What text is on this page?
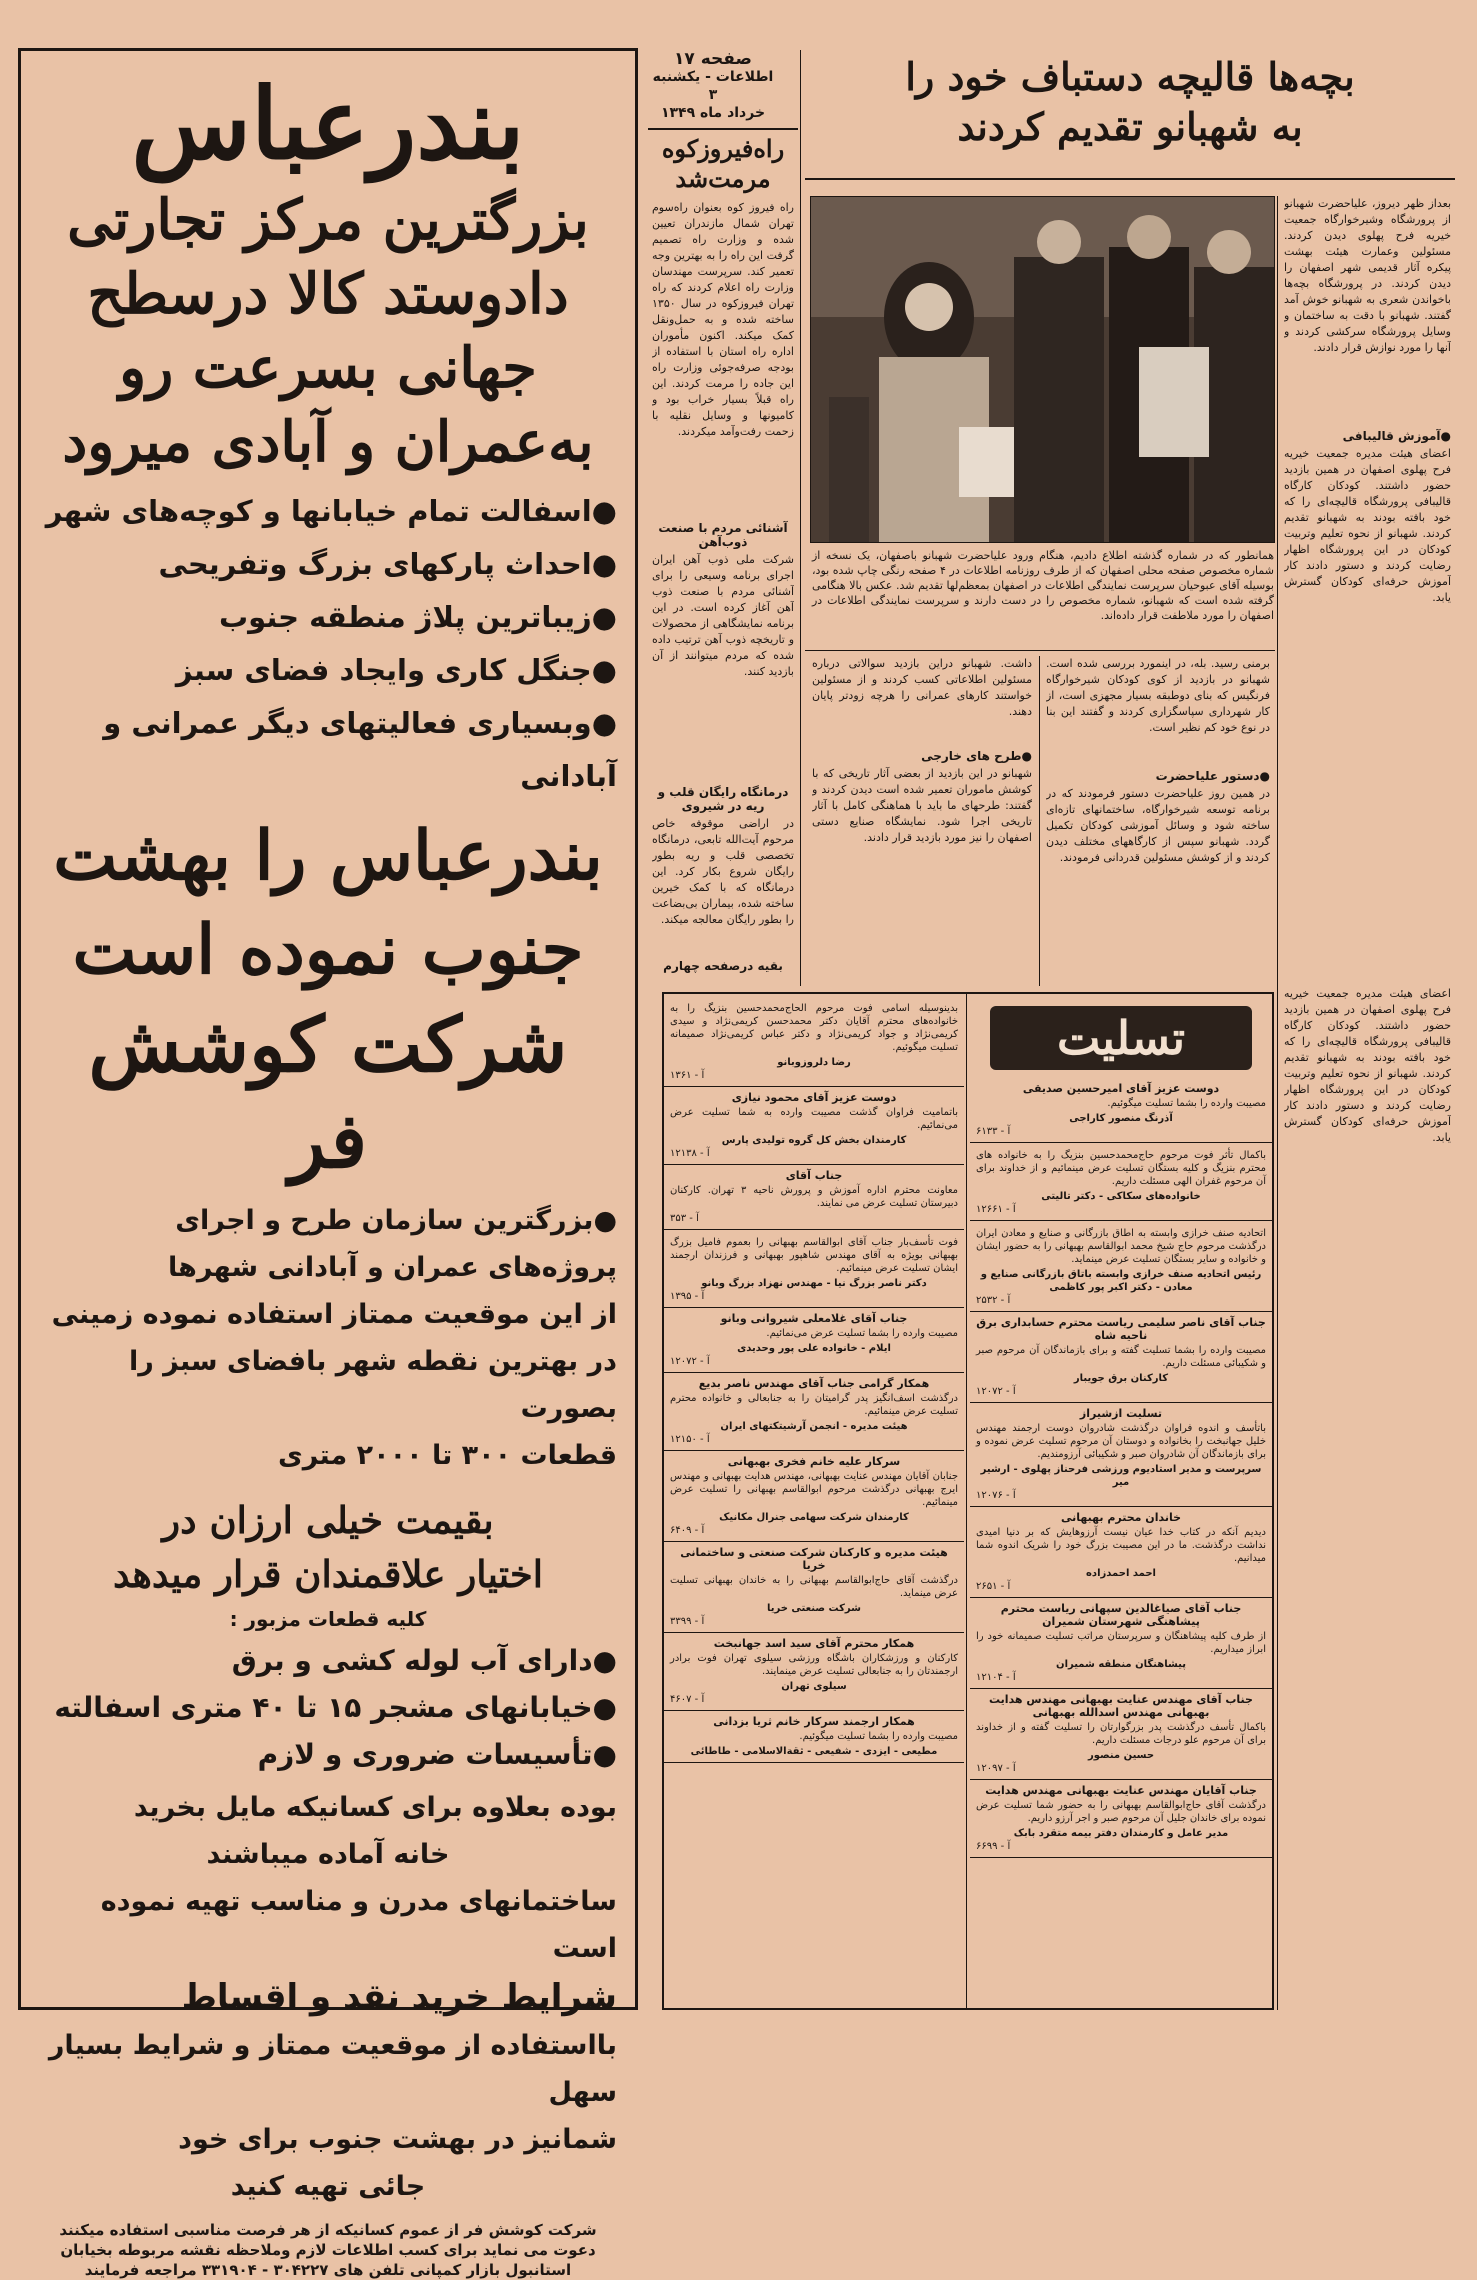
بندرعباس

بزرگترین مرکز تجارتی

دادوستد کالا درسطح

جهانی بسرعت رو

به‌عمران و آبادی میرود

●اسفالت تمام خیابانها و کوچه‌های شهر
●احداث پارکهای بزرگ وتفریحی
●زیباترین پلاژ منطقه جنوب
●جنگل کاری وایجاد فضای سبز
●وبسیاری فعالیتهای دیگر عمرانی و آبادانی

بندرعباس را بهشت

جنوب نموده است

شرکت کوشش فر

●بزرگترین سازمان طرح و اجرای

پروژه‌های عمران و آبادانی شهرها

از این موقعیت ممتاز استفاده نموده زمینی

در بهترین نقطه شهر بافضای سبز را بصورت

قطعات ۳۰۰ تا ۲۰۰۰ متری

بقیمت خیلی ارزان در
اختیار علاقمندان قرار میدهد
کلیه قطعات مزبور :
●دارای آب لوله کشی و برق
●خیابانهای مشجر ۱۵ تا ۴۰ متری اسفالته
●تأسیسات ضروری و لازم

بوده بعلاوه برای کسانیکه مایل بخرید

خانه آماده میباشند

ساختمانهای مدرن و مناسب تهیه نموده است

شرایط خرید نقد و اقساط

بااستفاده از موقعیت ممتاز و شرایط بسیار سهل

شمانیز در بهشت جنوب برای خود

جائی تهیه کنید

شرکت کوشش فر از عموم کسانیکه از هر فرصت مناسبی استفاده میکنند دعوت می نماید برای کسب اطلاعات لازم وملاحظه نقشه مربوطه بخیابان استانبول بازار کمپانی تلفن های ۳۰۴۲۲۷ - ۳۳۱۹۰۴ مراجعه فرمایند
صفحه ۱۷
اطلاعات - یکشنبه ۳
خرداد ماه ۱۳۴۹
راه‌فیروزکوه مرمت‌شد
راه فیروز کوه بعنوان راه‌سوم تهران شمال مازندران تعیین شده و وزارت راه تصمیم گرفت این راه را به بهترین وجه تعمیر کند. سرپرست مهندسان وزارت راه اعلام کردند که راه تهران فیروزکوه در سال ۱۳۵۰ ساخته شده و به حمل‌ونقل کمک میکند. اکنون مأموران اداره راه استان با استفاده از بودجه صرفه‌جوئی وزارت راه این جاده را مرمت کردند. این راه قبلاً بسیار خراب بود و کامیونها و وسایل نقلیه با زحمت رفت‌وآمد میکردند.
آشنائی مردم با صنعت ذوب‌آهن
شرکت ملی ذوب آهن ایران اجرای برنامه وسیعی را برای آشنائی مردم با صنعت ذوب آهن آغاز کرده است. در این برنامه نمایشگاهی از محصولات و تاریخچه ذوب آهن ترتیب داده شده که مردم میتوانند از آن بازدید کنند.
درمانگاه رایگان قلب و ریه در شیروی
در اراضی موقوفه خاص مرحوم آیت‌الله تابعی، درمانگاه تخصصی قلب و ریه بطور رایگان شروع بکار کرد. این درمانگاه که با کمک خیرین ساخته شده، بیماران بی‌بضاعت را بطور رایگان معالجه میکند.
بقیه درصفحه چهارم
بچه‌ها قالیچه دستباف خود را
به شهبانو تقدیم کردند
همانطور که در شماره گذشته اطلاع دادیم، هنگام ورود علیاحضرت شهبانو باصفهان، یک نسخه از شماره مخصوص صفحه محلی اصفهان که از طرف روزنامه اطلاعات در ۴ صفحه رنگی چاپ شده بود، بوسیله آقای عبوحیان سرپرست نمایندگی اطلاعات در اصفهان بمعظم‌لها تقدیم شد. عکس بالا هنگامی گرفته شده است که شهبانو، شماره مخصوص را در دست دارند و سرپرست نمایندگی اطلاعات در اصفهان را مورد ملاطفت قرار داده‌اند.
بعداز ظهر دیروز، علیاحضرت شهبانو از پرورشگاه وشیرخوارگاه جمعیت خیریه فرح پهلوی دیدن کردند. مسئولین وعمارت هیئت بهشت پیکره آثار قدیمی شهر اصفهان را دیدن کردند. در پرورشگاه بچه‌ها باخواندن شعری به شهبانو خوش آمد گفتند. شهبانو با دقت به ساختمان و وسایل پرورشگاه سرکشی کردند و آنها را مورد نوازش قرار دادند.
●آموزش قالیبافی
اعضای هیئت مدیره جمعیت خیریه فرح پهلوی اصفهان در همین بازدید حضور داشتند. کودکان کارگاه قالیبافی پرورشگاه قالیچه‌ای را که خود بافته بودند به شهبانو تقدیم کردند. شهبانو از نحوه تعلیم وتربیت کودکان در این پرورشگاه اظهار رضایت کردند و دستور دادند کار آموزش حرفه‌ای کودکان گسترش یابد.
برمنی رسید. بله، در اینمورد بررسی شده است. شهبانو در بازدید از کوی کودکان شیرخوارگاه فرنگیس که بنای دوطبقه بسیار مجهزی است، از کار شهرداری سپاسگزاری کردند و گفتند این بنا در نوع خود کم نظیر است.
●دستور علیاحضرت
در همین روز علیاحضرت دستور فرمودند که در برنامه توسعه شیرخوارگاه، ساختمانهای تازه‌ای ساخته شود و وسائل آموزشی کودکان تکمیل گردد. شهبانو سپس از کارگاههای مختلف دیدن کردند و از کوشش مسئولین قدردانی فرمودند.
داشت. شهبانو دراین بازدید سوالاتی درباره مسئولین اطلاعاتی کسب کردند و از مسئولین خواستند کارهای عمرانی را هرچه زودتر پایان دهند.
●طرح های خارجی
شهبانو در این بازدید از بعضی آثار تاریخی که با کوشش ماموران تعمیر شده است دیدن کردند و گفتند: طرحهای ما باید با هماهنگی کامل با آثار تاریخی اجرا شود. نمایشگاه صنایع دستی اصفهان را نیز مورد بازدید قرار دادند.
تسلیت
دوست عزیز آقای امیرحسین صدیقی
مصیبت وارده را بشما تسلیت میگوئیم.
آذرنگ منصور کاراجی
آ - ۶۱۳۳
باکمال تأثر فوت مرحوم حاج‌محمدحسین بنزیگ را به خانواده های محترم بنزیگ و کلیه بستگان تسلیت عرض مینمائیم و از خداوند برای آن مرحوم غفران الهی مسئلت داریم.
خانواده‌های سکاکی - دکتر تالیتی
آ - ۱۲۶۶۱
اتحادیه صنف خرازی وابسته به اطاق بازرگانی و صنایع و معادن ایران درگذشت مرحوم حاج شیخ محمد ابوالقاسم بهبهانی را به حضور ایشان و خانواده و سایر بستگان تسلیت عرض مینماید.
رئیس اتحادیه صنف خرازی وابسته باتاق بازرگانی صنایع و معادن - دکتر اکبر پور کاظمی
آ - ۲۵۳۲
جناب آقای ناصر سلیمی ریاست محترم حسابداری برق ناحیه شاه
مصیبت وارده را بشما تسلیت گفته و برای بازماندگان آن مرحوم صبر و شکیبائی مسئلت داریم.
کارکنان برق جویبار
آ - ۱۲۰۷۲
تسلیت ازشیراز
باتأسف و اندوه فراوان درگذشت شادروان دوست ارجمند مهندس خلیل جهانبخت را بخانواده و دوستان آن مرحوم تسلیت عرض نموده و برای بازماندگان آن شادروان صبر و شکیبائی آرزومندیم.
سرپرست و مدیر استادیوم ورزشی فرحناز پهلوی - ارشیر میر
آ - ۱۲۰۷۶
خاندان محترم بهبهانی
دیدیم آنکه در کتاب خدا عیان نیست آرزوهایش که بر دنیا امیدی نداشت درگذشت. ما در این مصیبت بزرگ خود را شریک اندوه شما میدانیم.
احمد احمدزاده
آ - ۲۶۵۱
جناب آقای صیاغالدین سپهانی ریاست محترم پیشاهنگی شهرستان شمیران
از طرف کلیه پیشاهنگان و سرپرستان مراتب تسلیت صمیمانه خود را ابراز میداریم.
پیشاهنگان منطقه شمیران
آ - ۱۲۱۰۴
جناب آقای مهندس عنایت بهبهانی مهندس هدایت بهبهانی مهندس اسدالله بهبهانی
باکمال تأسف درگذشت پدر بزرگوارتان را تسلیت گفته و از خداوند برای آن مرحوم علو درجات مسئلت داریم.
حسین منصور
آ - ۱۲۰۹۷
جناب آقایان مهندس عنایت بهبهانی مهندس هدایت
درگذشت آقای حاج‌ابوالقاسم بهبهانی را به حضور شما تسلیت عرض نموده برای خاندان جلیل آن مرحوم صبر و اجر آرزو داریم.
مدیر عامل و کارمندان دفتر بیمه متقرد بابک
آ - ۶۶۹۹
بدینوسیله اسامی فوت مرحوم الحاج‌محمدحسین بنزیگ را به خانواده‌های محترم آقایان دکتر محمدحسن کریمی‌نژاد و سیدی کریمی‌نژاد و جواد کریمی‌نژاد و دکتر عباس کریمی‌نژاد صمیمانه تسلیت میگوئیم.
رضا دلروزوبانو
آ - ۱۳۶۱
دوست عزیز آقای محمود نیازی
باتمامیت فراوان گذشت مصیبت وارده به شما تسلیت عرض می‌نمائیم.
کارمندان بخش کل گروه تولیدی پارس
آ - ۱۲۱۳۸
جناب آقای
معاونت محترم اداره آموزش و پرورش ناحیه ۳ تهران. کارکنان دبیرستان تسلیت عرض می نمایند.
آ - ۳۵۳
فوت تأسف‌بار جناب آقای ابوالقاسم بهبهانی را بعموم فامیل بزرگ بهبهانی بویژه به آقای مهندس شاهپور بهبهانی و فرزندان ارجمند ایشان تسلیت عرض مینمائیم.
دکتر ناصر بزرگ نیا - مهندس نهزاد بزرگ وبانو
آ - ۱۳۹۵
جناب آقای غلامعلی شیروانی وبانو
مصیبت وارده را بشما تسلیت عرض می‌نمائیم.
ایلام - خانواده علی پور وحدیدی
آ - ۱۲۰۷۲
همکار گرامی جناب آقای مهندس ناصر بدیع
درگذشت اسف‌انگیز پدر گرامیتان را به جنابعالی و خانواده محترم تسلیت عرض مینمائیم.
هیئت مدیره - انجمن آرشیتکتهای ایران
آ - ۱۲۱۵۰
سرکار علیه خانم فخری بهبهانی
جنابان آقایان مهندس عنایت بهبهانی، مهندس هدایت بهبهانی و مهندس ایرج بهبهانی درگذشت مرحوم ابوالقاسم بهبهانی را تسلیت عرض مینمائیم.
کارمندان شرکت سهامی جنرال مکانیک
آ - ۶۴۰۹
هیئت مدیره و کارکنان شرکت صنعتی و ساختمانی خریا
درگذشت آقای حاج‌ابوالقاسم بهبهانی را به خاندان بهبهانی تسلیت عرض مینماید.
شرکت صنعتی خریا
آ - ۳۳۹۹
همکار محترم آقای سید اسد جهانبخت
کارکنان و ورزشکاران باشگاه ورزشی سیلوی تهران فوت برادر ارجمندتان را به جنابعالی تسلیت عرض مینمایند.
سیلوی تهران
آ - ۴۶۰۷
همکار ارجمند سرکار خانم ثریا بزدانی
مصیبت وارده را بشما تسلیت میگوئیم.
مطیعی - ایزدی - شفیعی - ثقةالاسلامی - طاطائی
اعضای هیئت مدیره جمعیت خیریه فرح پهلوی اصفهان در همین بازدید حضور داشتند. کودکان کارگاه قالیبافی پرورشگاه قالیچه‌ای را که خود بافته بودند به شهبانو تقدیم کردند. شهبانو از نحوه تعلیم وتربیت کودکان در این پرورشگاه اظهار رضایت کردند و دستور دادند کار آموزش حرفه‌ای کودکان گسترش یابد.
